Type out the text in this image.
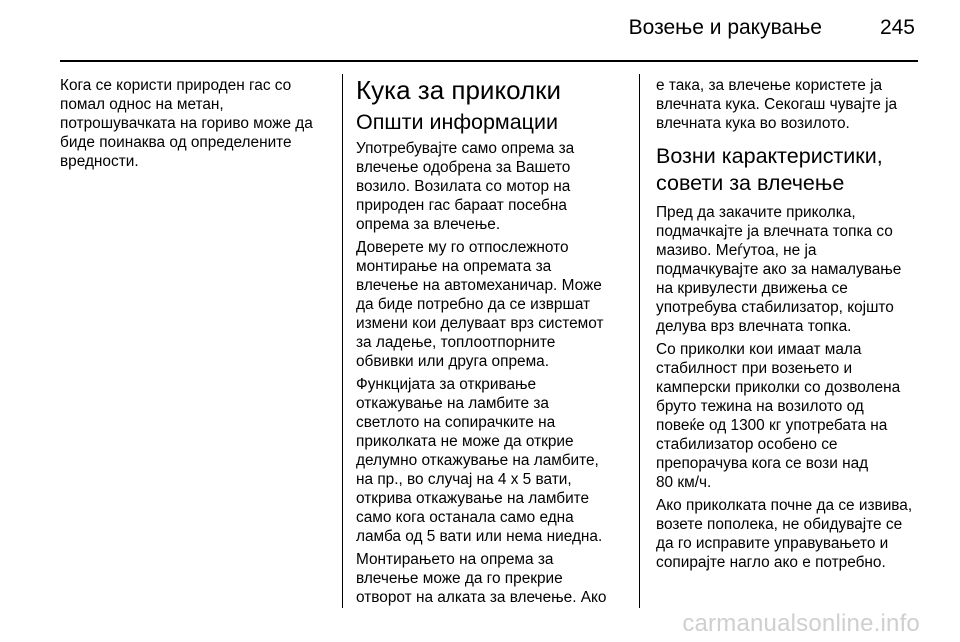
Возење и ракување	245

Кога се користи природен гас со
помал однос на метан,
потрошувачката на гориво може да
биде поинаква од определените
вредности.

Кука за приколки
Општи информации

Употребувајте само опрема за
влечење одобрена за Вашето
возило. Возилата со мотор на
природен гас бараат посебна
опрема за влечење.

Доверете му го отпослежното
монтирање на опремата за
влечење на автомеханичар. Може
да биде потребно да се извршат
измени кои делуваат врз системот
за ладење, топлоотпорните
обвивки или друга опрема.

Функцијата за откривање
откажување на ламбите за
светлото на сопирачките на
приколката не може да открие
делумно откажување на ламбите,
на пр., во случај на 4 x 5 вати,
открива откажување на ламбите
само кога останала само една
ламба од 5 вати или нема ниедна.

Монтирањето на опрема за
влечење може да го прекрие
отворот на алката за влечење. Ако

е така, за влечење користете ја
влечната кука. Секогаш чувајте ја
влечната кука во возилото.

Возни карактеристики,
совети за влечење

Пред да закачите приколка,
подмачкајте ја влечната топка со
мазиво. Меѓутоа, не ја
подмачкувајте ако за намалување
на кривулести движења се
употребува стабилизатор, којшто
делува врз влечната топка.

Со приколки кои имаат мала
стабилност при возењето и
камперски приколки со дозволена
бруто тежина на возилото од
повеќе од 1300 кг употребата на
стабилизатор особено се
препорачува кога се вози над
80 км/ч.

Ако приколката почне да се извива,
возете пополека, не обидувајте се
да го исправите управувањето и
сопирајте нагло ако е потребно.

carmanualsonline.info
